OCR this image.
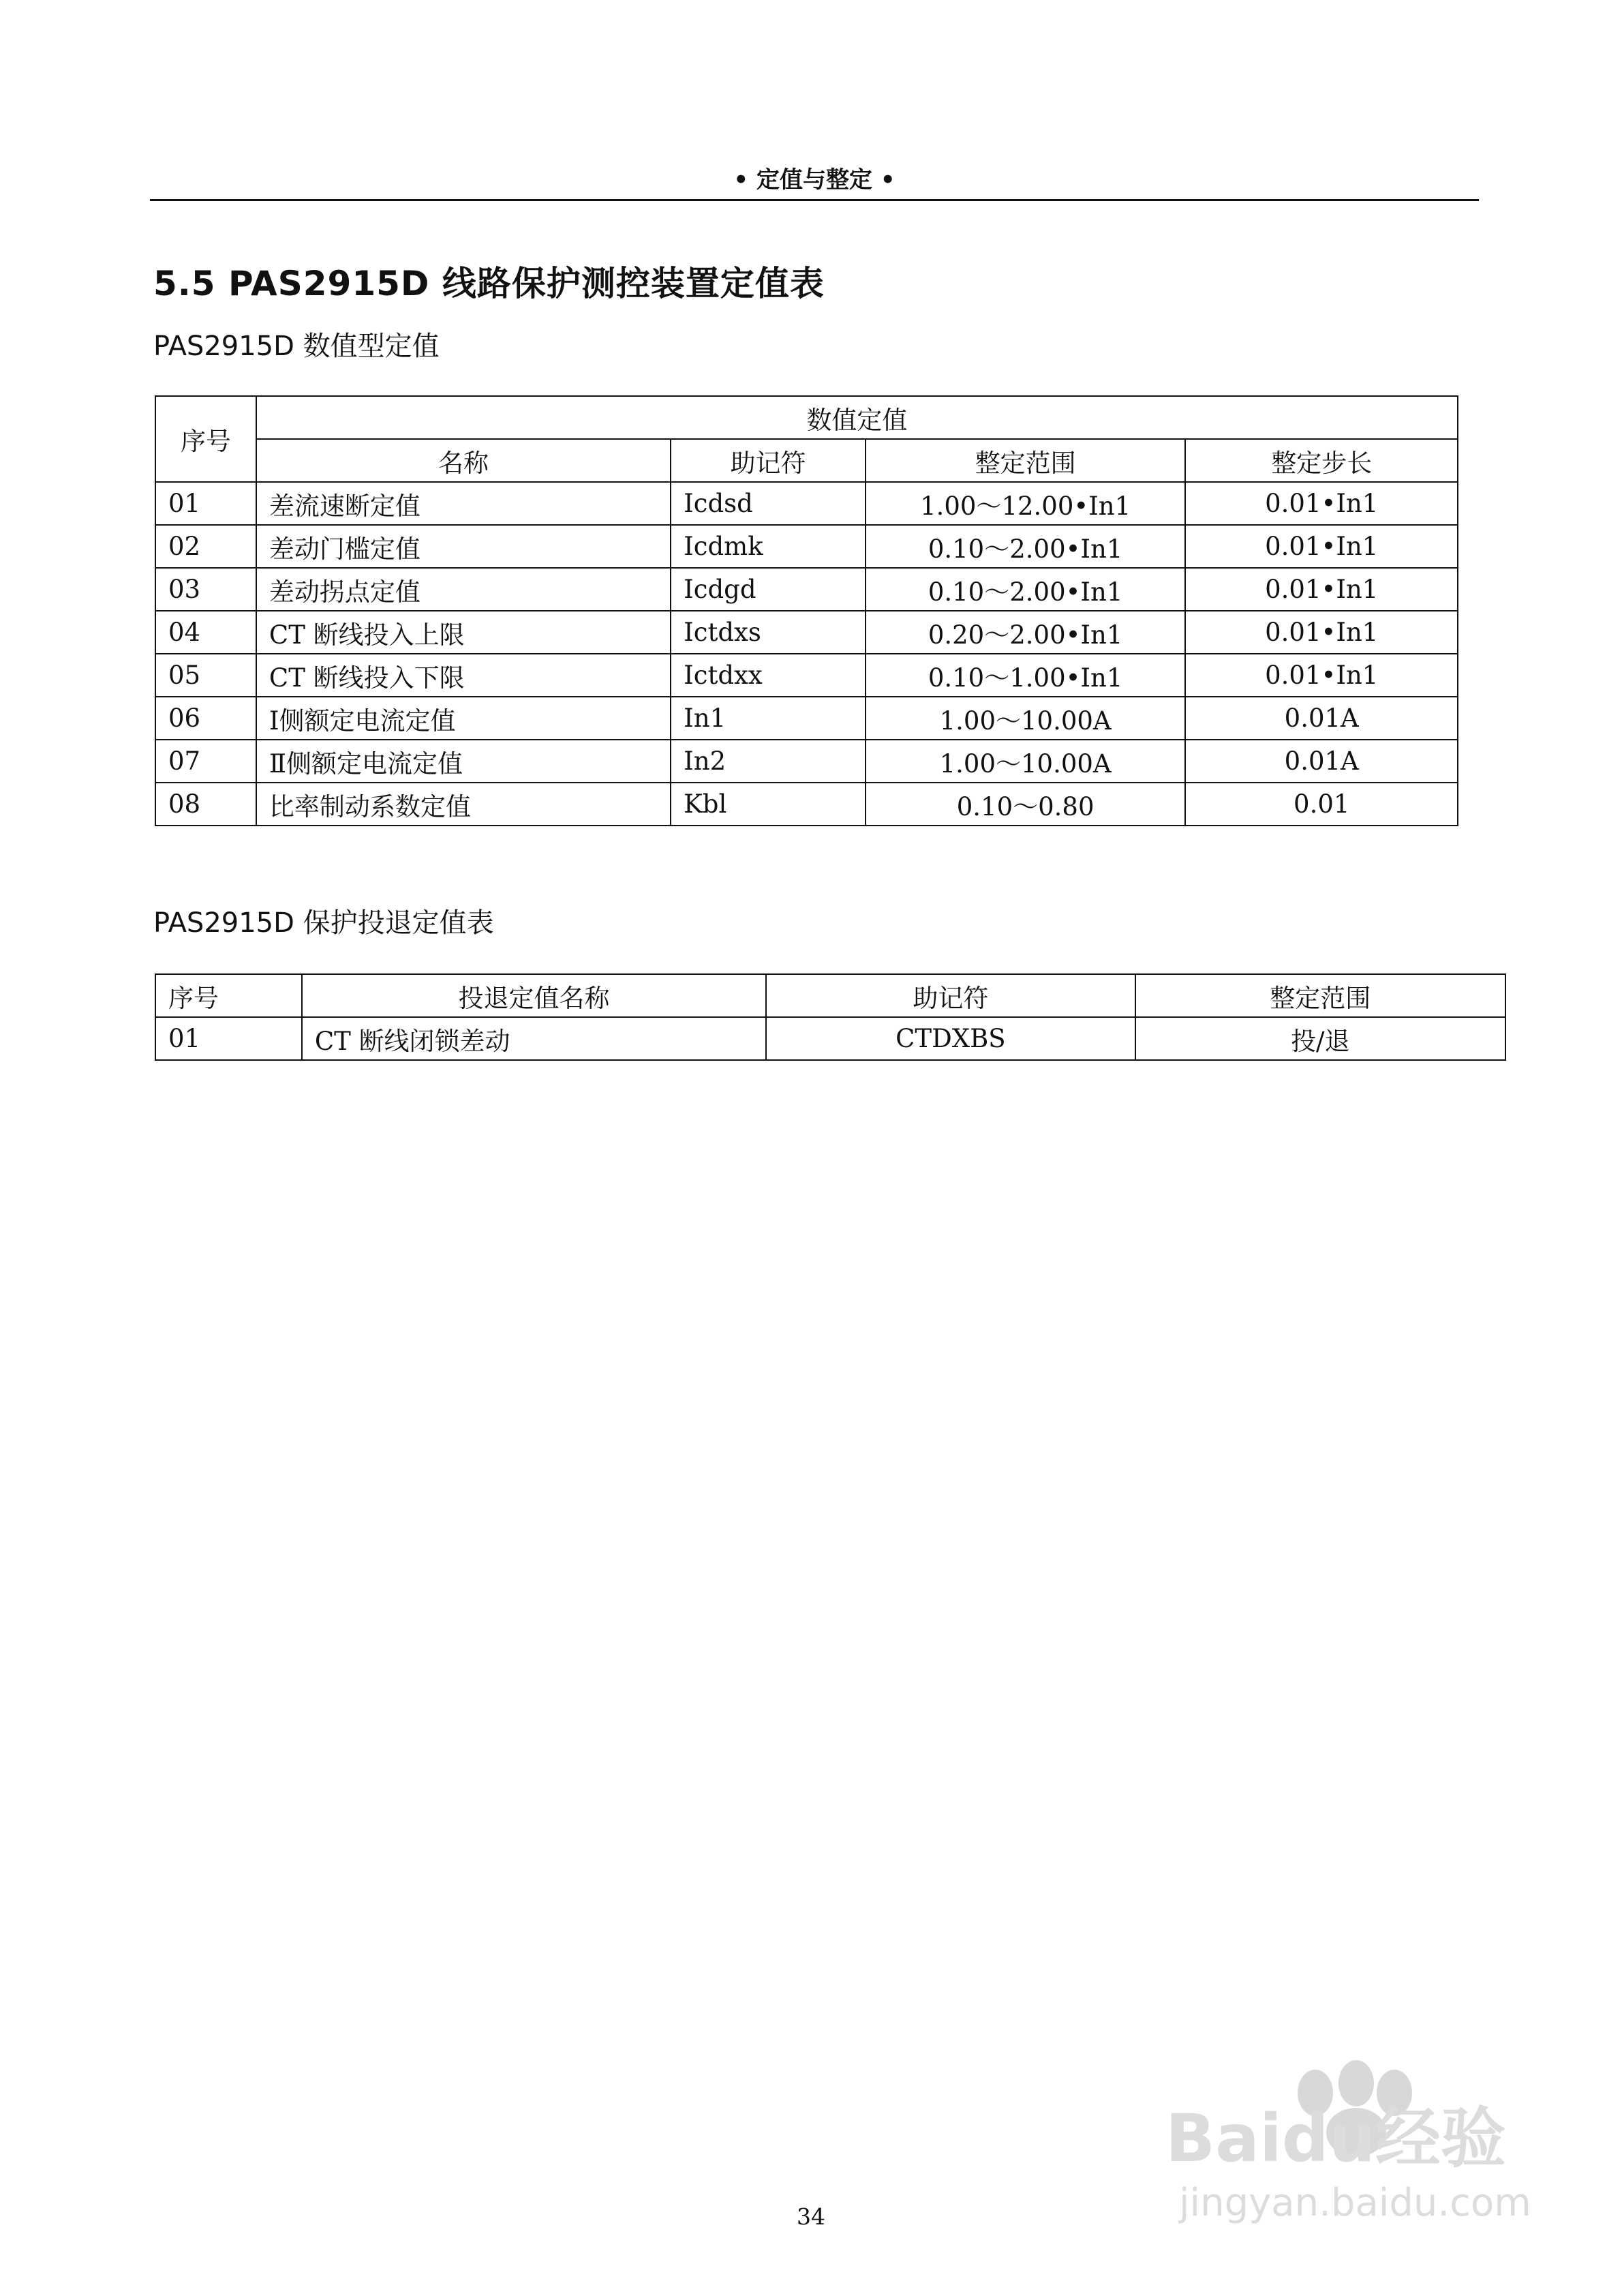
• 定值与整定 •
5.5 PAS2915D 线路保护测控装置定值表
PAS2915D 数值型定值
序号	数值定值			
	名称	助记符	整定范围	整定步长
01	差流速断定值	Icdsd	1.00～12.00•In1	0.01•In1
02	差动门槛定值	Icdmk	0.10～2.00•In1	0.01•In1
03	差动拐点定值	Icdgd	0.10～2.00•In1	0.01•In1
04	CT 断线投入上限	Ictdxs	0.20～2.00•In1	0.01•In1
05	CT 断线投入下限	Ictdxx	0.10～1.00•In1	0.01•In1
06	Ⅰ侧额定电流定值	In1	1.00～10.00A	0.01A
07	Ⅱ侧额定电流定值	In2	1.00～10.00A	0.01A
08	比率制动系数定值	Kbl	0.10～0.80	0.01
PAS2915D 保护投退定值表
序号	投退定值名称	助记符	整定范围
01	CT 断线闭锁差动	CTDXBS	投/退
34
Baidu经验
jingyan.baidu.com
